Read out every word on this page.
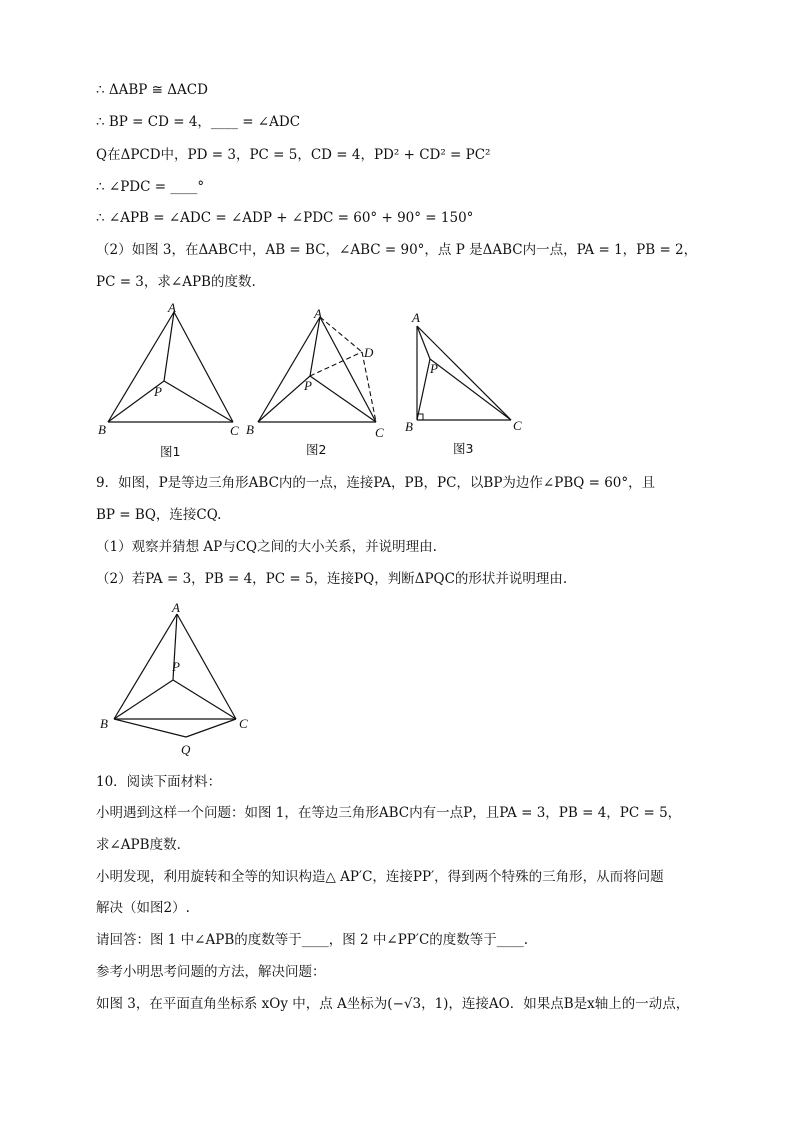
∴ ΔABP ≅ ΔACD
∴ BP = CD = 4，____ = ∠ADC
Q在ΔPCD中，PD = 3，PC = 5，CD = 4，PD² + CD² = PC²
∴ ∠PDC = ____°
∴ ∠APB = ∠ADC = ∠ADP + ∠PDC = 60° + 90° = 150°
（2）如图 3，在ΔABC中，AB = BC，∠ABC = 90°，点 P 是ΔABC内一点，PA = 1，PB = 2，
PC = 3，求∠APB的度数.
A
B	C
P
图1
A
B	C
P
D
图2
A
B	C
P
图3
9．如图，P是等边三角形ABC内的一点，连接PA，PB，PC，以BP为边作∠PBQ = 60°，且
BP = BQ，连接CQ.
（1）观察并猜想 AP与CQ之间的大小关系，并说明理由.
（2）若PA = 3，PB = 4，PC = 5，连接PQ，判断ΔPQC的形状并说明理由.
A
B	C
P
Q
10．阅读下面材料：
小明遇到这样一个问题：如图 1，在等边三角形ABC内有一点P，且PA = 3，PB = 4，PC = 5，
求∠APB度数.
小明发现，利用旋转和全等的知识构造△ AP′C，连接PP′，得到两个特殊的三角形，从而将问题
解决（如图2）.
请回答：图 1 中∠APB的度数等于____，图 2 中∠PP′C的度数等于____.
参考小明思考问题的方法，解决问题：
如图 3，在平面直角坐标系 xOy 中，点 A坐标为(−√3，1)，连接AO．如果点B是x轴上的一动点，
